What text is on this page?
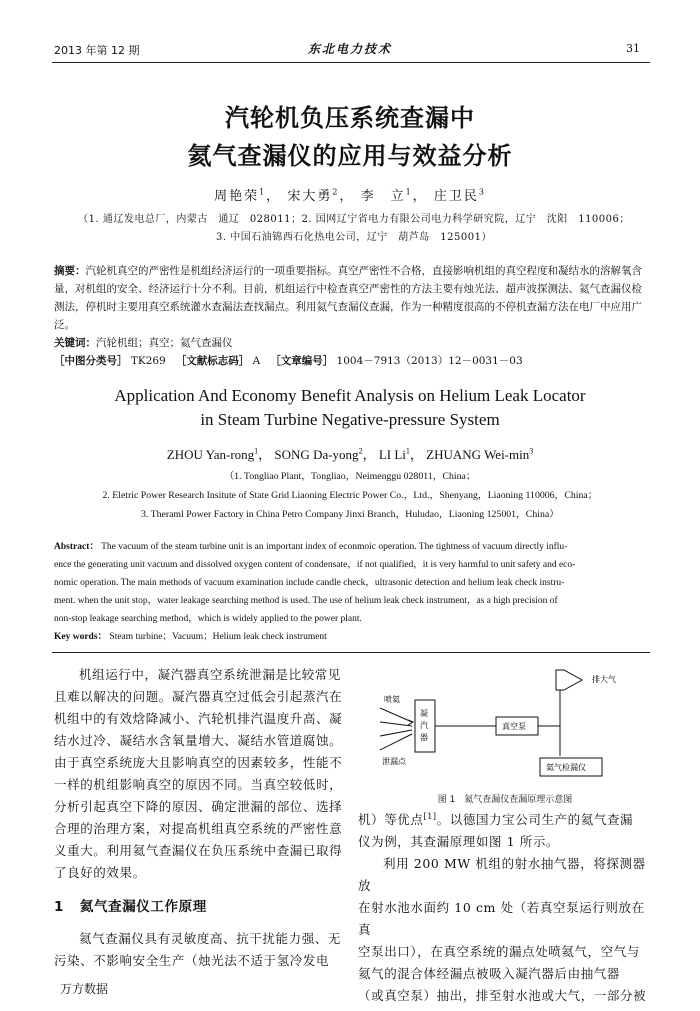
2013 年第 12 期	东北电力技术	31
汽轮机负压系统查漏中
氦气查漏仪的应用与效益分析
周艳荣$^1$， 宋大勇$^2$， 李　立$^1$， 庄卫民$^3$
（1. 通辽发电总厂，内蒙古　通辽　028011；2. 国网辽宁省电力有限公司电力科学研究院，辽宁　沈阳　110006；
3. 中国石油锦西石化热电公司，辽宁　葫芦岛　125001）
摘要：汽轮机真空的严密性是机组经济运行的一项重要指标。真空严密性不合格，直接影响机组的真空程度和凝结水的溶解氧含量，对机组的安全、经济运行十分不利。目前，机组运行中检查真空严密性的方法主要有烛光法、超声波探测法、氦气查漏仪检测法，停机时主要用真空系统灌水查漏法查找漏点。利用氦气查漏仪查漏，作为一种精度很高的不停机查漏方法在电厂中应用广泛。
关键词：汽轮机组；真空；氦气查漏仪
［中图分类号］ TK269 ［文献标志码］ A ［文章编号］ 1004－7913（2013）12－0031－03
Application And Economy Benefit Analysis on Helium Leak Locator
in Steam Turbine Negative-pressure System
ZHOU Yan-rong$^1$， SONG Da-yong$^2$， LI Li$^1$， ZHUANG Wei-$\min^3$
（1. Tongliao Plant，Tongliao，Neimenggu 028011，China；
2. Eletric Power Research Insitute of State Grid Liaoning Electric Power Co.，Ltd.，Shenyang，Liaoning 110006，China；
3. Theraml Power Factory in China Petro Company Jinxi Branch，Huludao，Liaoning 125001，China）
Abstract： The vacuum of the steam turbine unit is an important index of econmoic operation. The tightness of vacuum directly influ-
ence the generating unit vacuum and dissolved oxygen content of condensate，if not qualified，it is very harmful to unit safety and eco-
nomic operation. The main methods of vacuum examination include candle check，ultrasonic detection and helium leak check instru-
ment. when the unit stop，water leakage searching method is used. The use of helium leak check instrument，as a high precision of
non-stop leakage searching method，which is widely applied to the power plant.
Key words： Steam turbine；Vacuum；Helium leak check instrument
机组运行中，凝汽器真空系统泄漏是比较常见
且难以解决的问题。凝汽器真空过低会引起蒸汽在
机组中的有效焓降减小、汽轮机排汽温度升高、凝
结水过冷、凝结水含氧量增大、凝结水管道腐蚀。
由于真空系统庞大且影响真空的因素较多，性能不
一样的机组影响真空的原因不同。当真空较低时，
分析引起真空下降的原因、确定泄漏的部位、选择
合理的治理方案，对提高机组真空系统的严密性意
义重大。利用氦气查漏仪在负压系统中查漏已取得
了良好的效果。
1 氦气查漏仪工作原理
氦气查漏仪具有灵敏度高、抗干扰能力强、无
污染、不影响安全生产（烛光法不适于氢冷发电
喷氦
泄漏点
凝
汽
器
真空泵
排大气
氦气检漏仪
图 1　氦气查漏仪查漏原理示意图
机）等优点[1]。以德国力宝公司生产的氦气查漏
仪为例，其查漏原理如图 1 所示。
利用 200 MW 机组的射水抽气器，将探测器放
在射水池水面约 10 cm 处（若真空泵运行则放在真
空泵出口），在真空系统的漏点处喷氦气，空气与
氦气的混合体经漏点被吸入凝汽器后由抽气器
（或真空泵）抽出，排至射水池或大气，一部分被
万方数据
